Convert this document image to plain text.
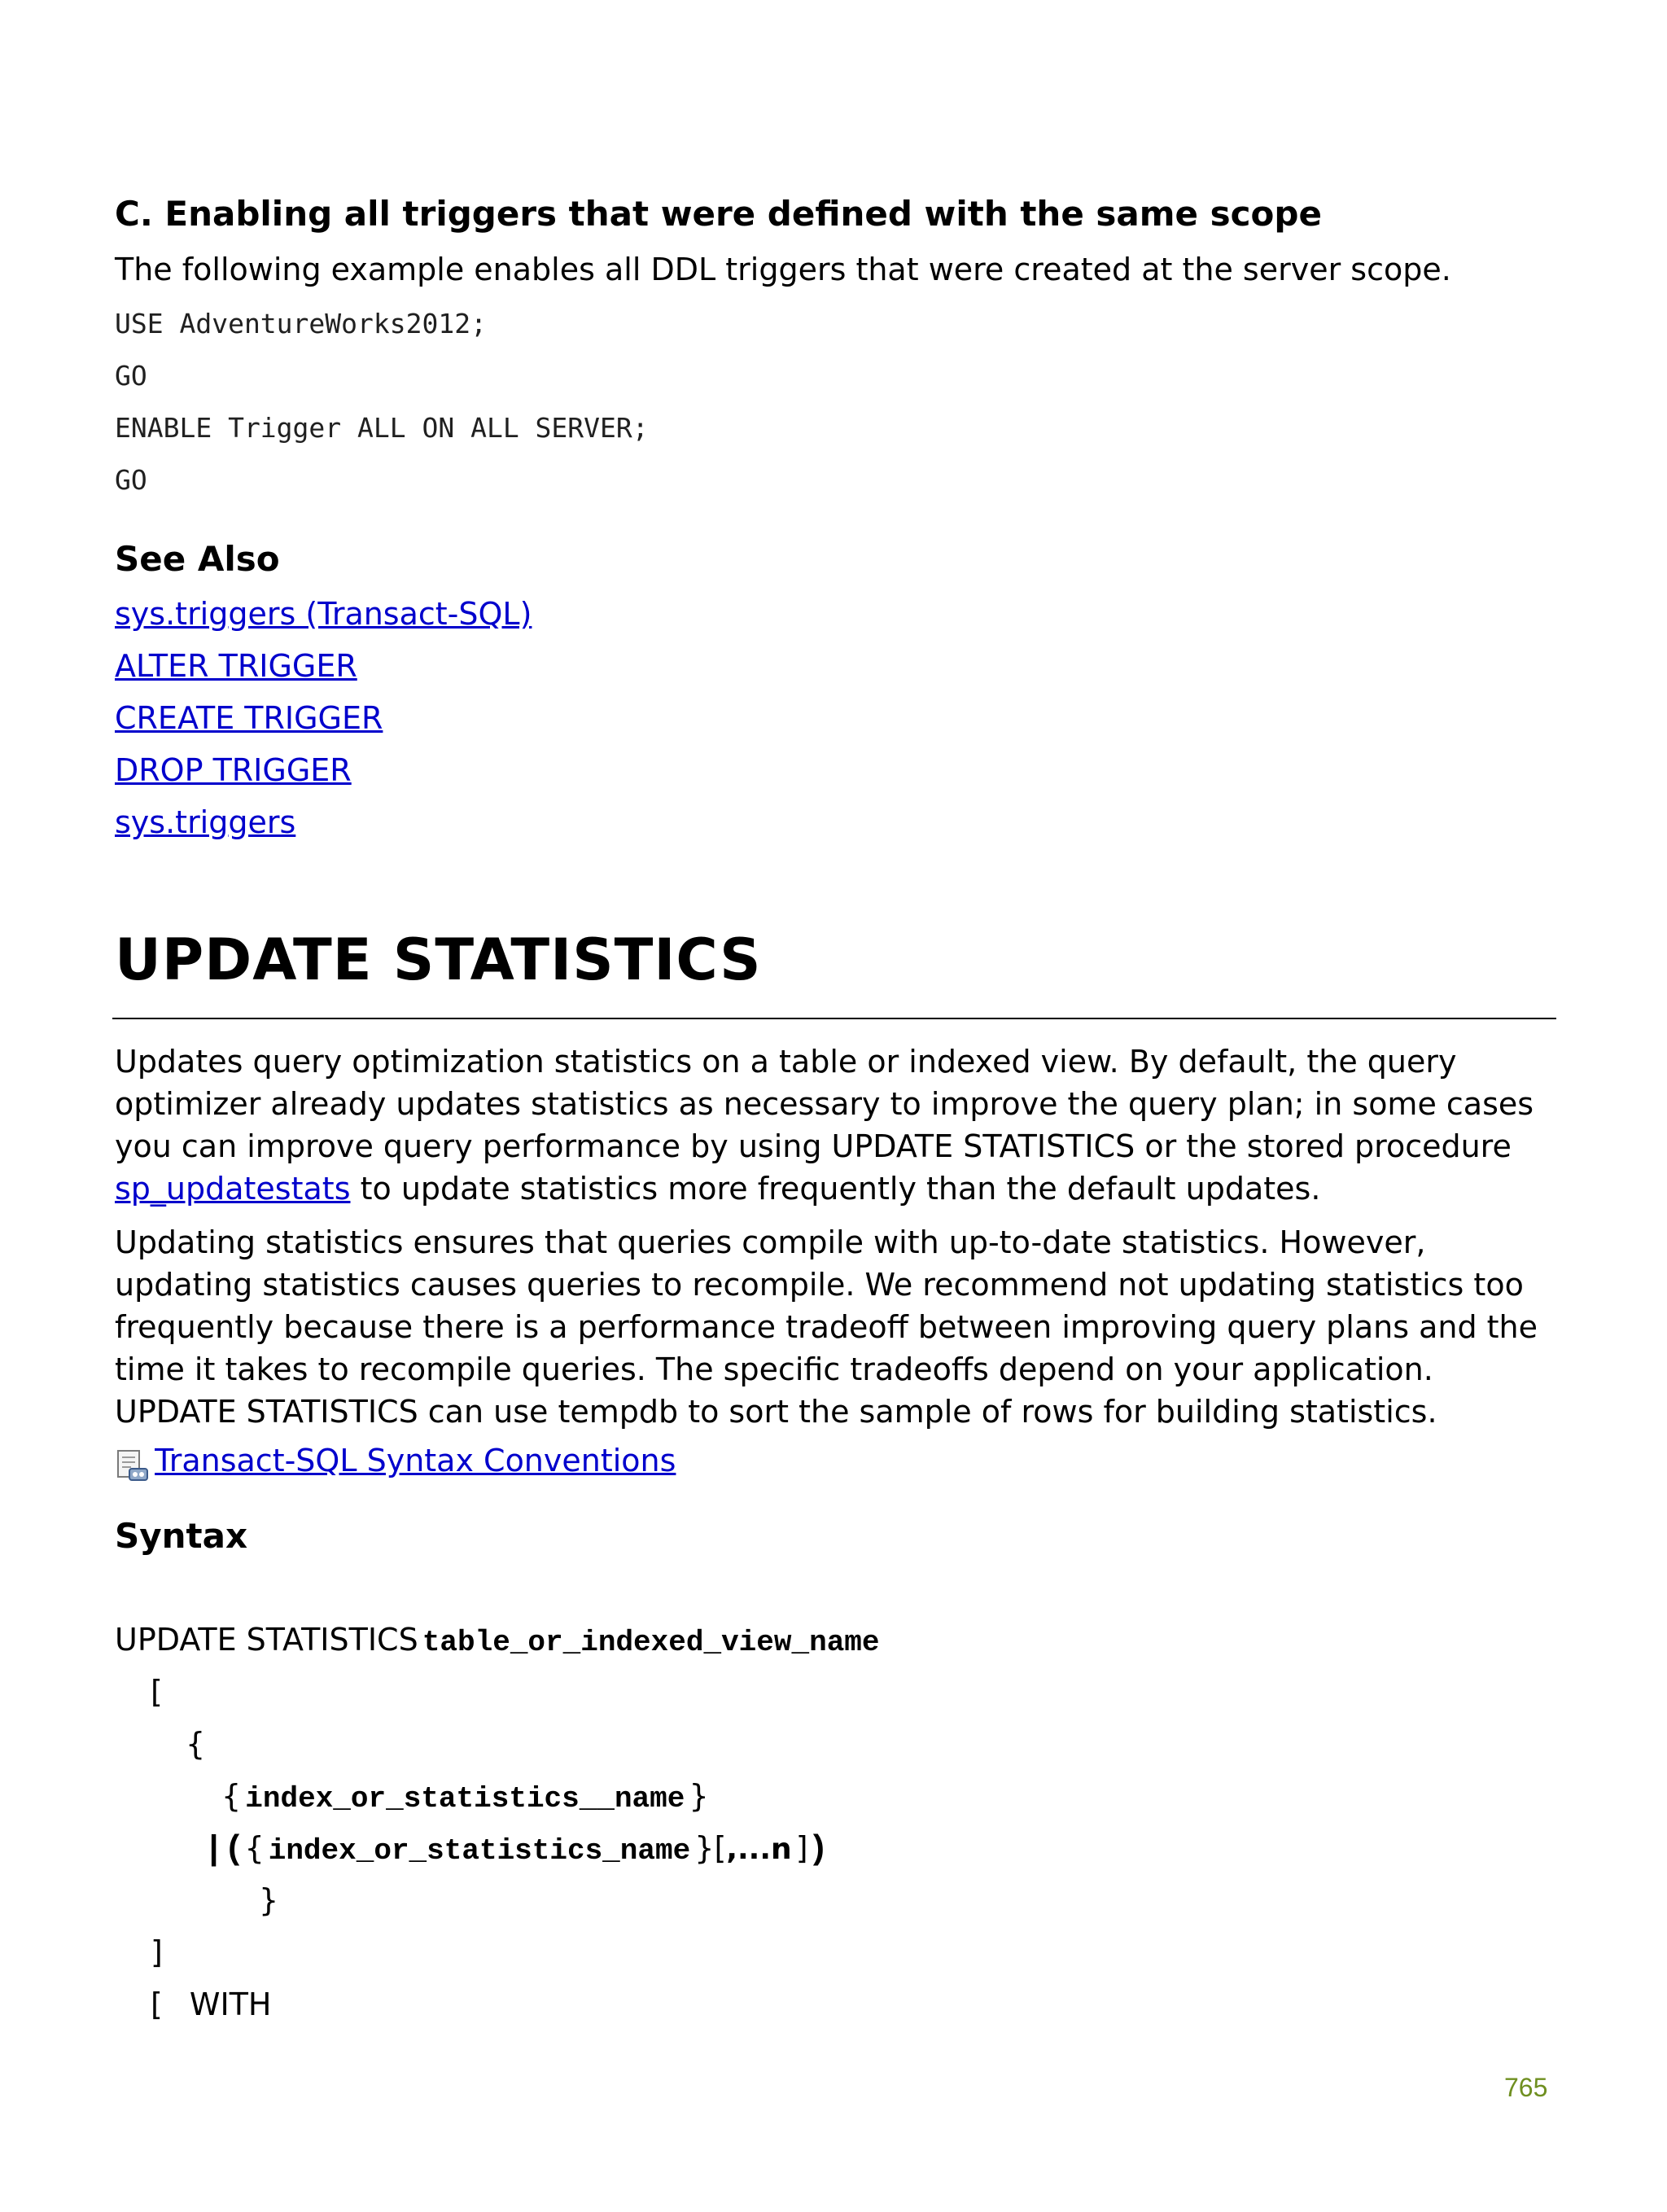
C. Enabling all triggers that were defined with the same scope
The following example enables all DDL triggers that were created at the server scope.
USE AdventureWorks2012;
GO
ENABLE Trigger ALL ON ALL SERVER;
GO
See Also
sys.triggers (Transact-SQL)
ALTER TRIGGER
CREATE TRIGGER
DROP TRIGGER
sys.triggers
UPDATE STATISTICS
Updates query optimization statistics on a table or indexed view. By default, the query optimizer already updates statistics as necessary to improve the query plan; in some cases you can improve query performance by using UPDATE STATISTICS or the stored procedure sp_updatestats to update statistics more frequently than the default updates.
Updating statistics ensures that queries compile with up-to-date statistics. However, updating statistics causes queries to recompile. We recommend not updating statistics too frequently because there is a performance tradeoff between improving query plans and the time it takes to recompile queries. The specific tradeoffs depend on your application. UPDATE STATISTICS can use tempdb to sort the sample of rows for building statistics.
Transact-SQL Syntax Conventions
Syntax
UPDATE STATISTICS table_or_indexed_view_name
[
{
{ index_or_statistics__name }
|({ index_or_statistics_name }[,...n ])
}
]
[ WITH
765
